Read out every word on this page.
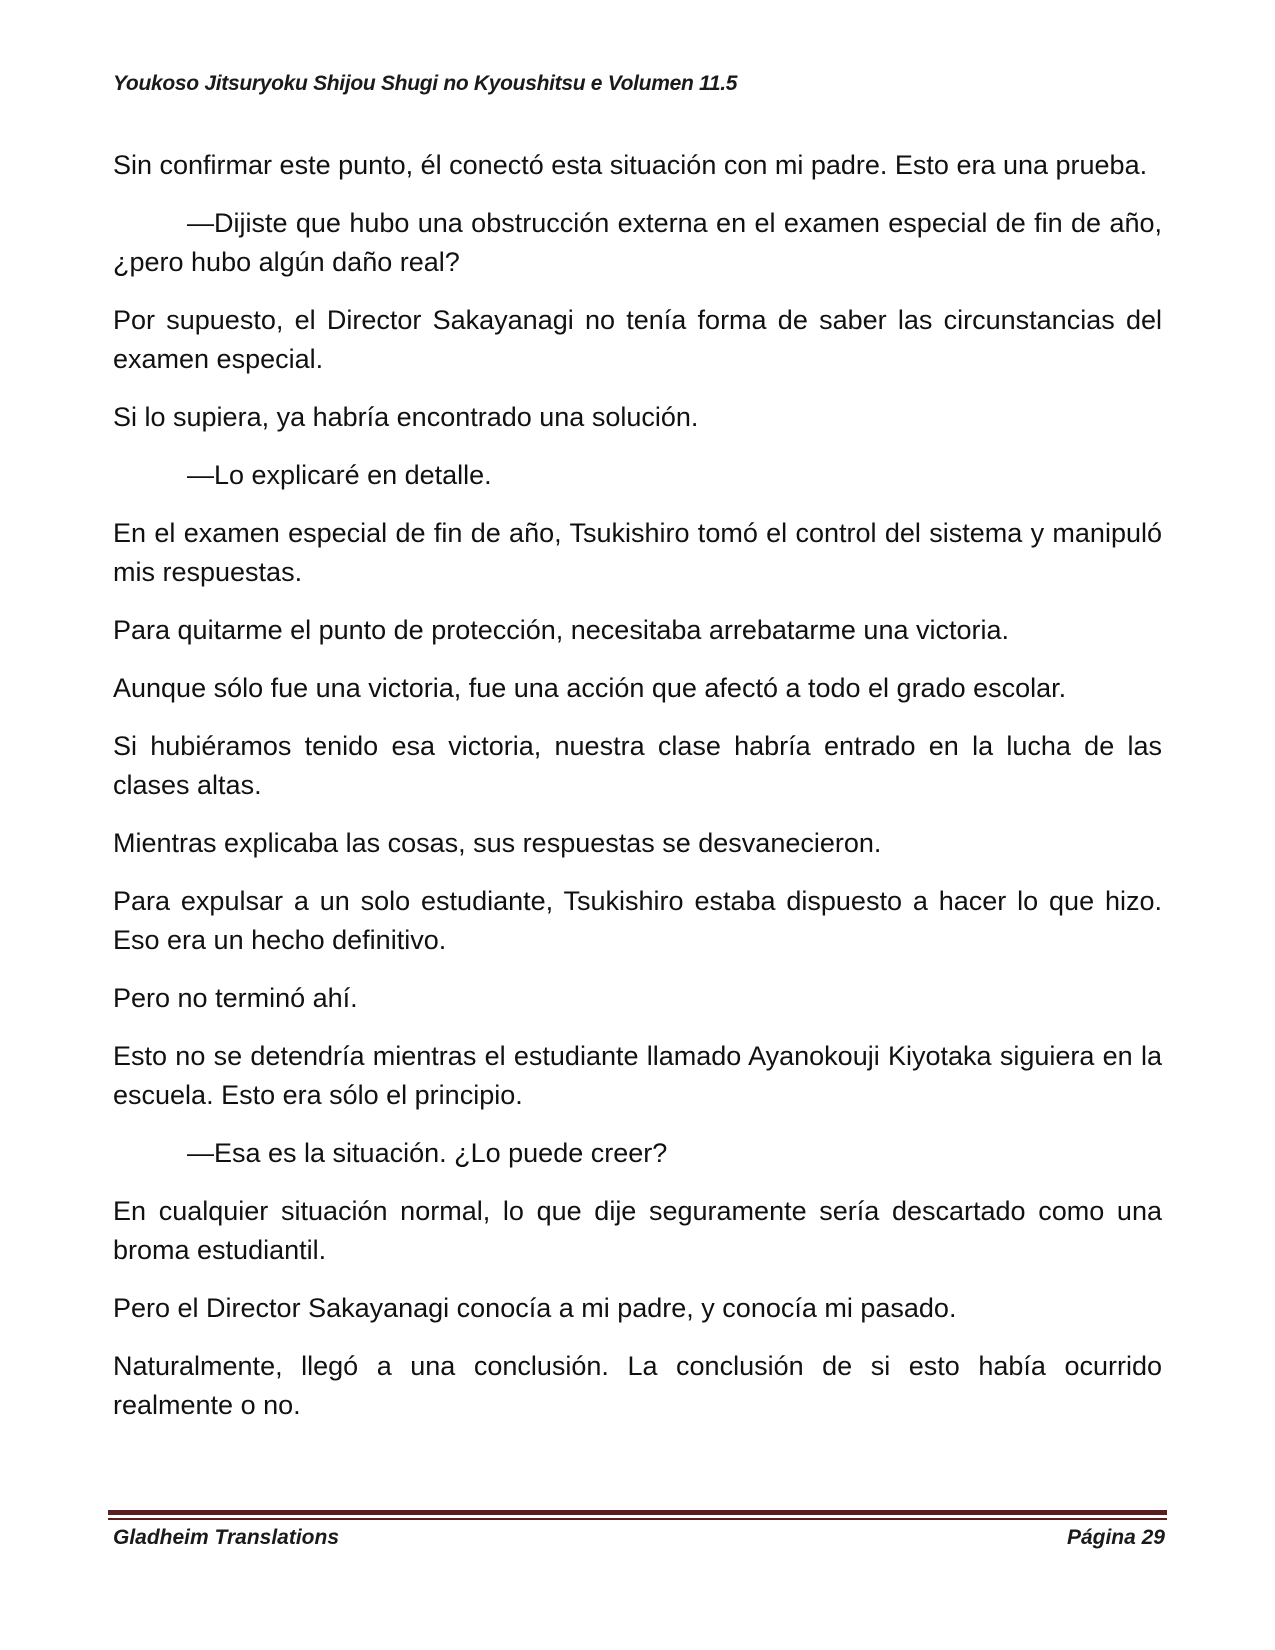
Youkoso Jitsuryoku Shijou Shugi no Kyoushitsu e Volumen 11.5

Sin confirmar este punto, él conectó esta situación con mi padre. Esto era una prueba.

—Dijiste que hubo una obstrucción externa en el examen especial de fin de año, ¿pero hubo algún daño real?

Por supuesto, el Director Sakayanagi no tenía forma de saber las circunstancias del examen especial.

Si lo supiera, ya habría encontrado una solución.

—Lo explicaré en detalle.

En el examen especial de fin de año, Tsukishiro tomó el control del sistema y manipuló mis respuestas.

Para quitarme el punto de protección, necesitaba arrebatarme una victoria.

Aunque sólo fue una victoria, fue una acción que afectó a todo el grado escolar.

Si hubiéramos tenido esa victoria, nuestra clase habría entrado en la lucha de las clases altas.

Mientras explicaba las cosas, sus respuestas se desvanecieron.

Para expulsar a un solo estudiante, Tsukishiro estaba dispuesto a hacer lo que hizo. Eso era un hecho definitivo.

Pero no terminó ahí.

Esto no se detendría mientras el estudiante llamado Ayanokouji Kiyotaka siguiera en la escuela. Esto era sólo el principio.

—Esa es la situación. ¿Lo puede creer?

En cualquier situación normal, lo que dije seguramente sería descartado como una broma estudiantil.

Pero el Director Sakayanagi conocía a mi padre, y conocía mi pasado.

Naturalmente, llegó a una conclusión. La conclusión de si esto había ocurrido realmente o no.

Gladheim Translations	Página 29
